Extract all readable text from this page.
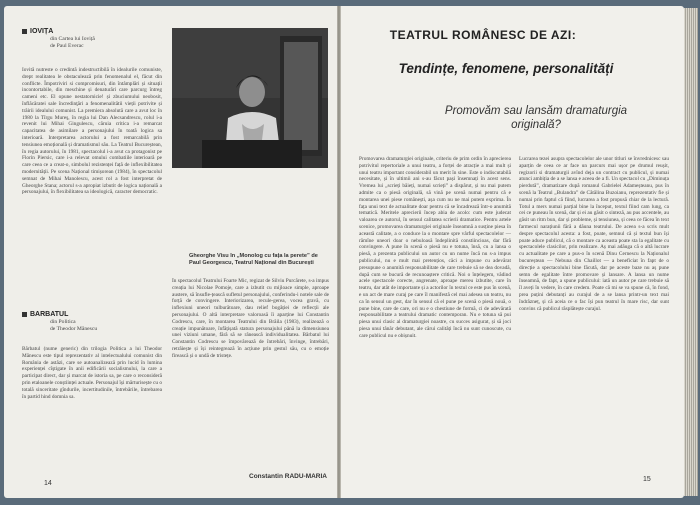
IOVIȚĂ

din Cartea lui Ioviță

de Paul Everac

Iovită nutreste o credintă indestructibilă în idealurile comuniste, drept realitatea le obstaculează prin fenomenalul el, făcut din conflicte. Împotriviri si compromisuri, din întâmplări și situații incontortabile, din meschine și denaturări care parcurg întreg cameni etc. El opune nestatornicie! și zbuciumului neobosit, înflăcăratei sale încredinţări a fenomenalitătii vieții potrivite și trăirii idealului comunist. La premiera absolută care a avut loc în 1980 la Tîrgu Mureş, în regia lui Dan Alecsandrescu, rolul i-a revenit lui Mihai Gingulescu, căruia critica i-a remarcat capacitatea de asimilare a personajului în toată logica sa interioară. Interpretarea actorului a fost remarcabilă prin tensiunea emoțională și dramatismul său. La Teatrul Bucureștean, în regia autorului, în 1981, spectacolul i-a avut ca protagonist pe Florin Piersic, care i-a relevat omului combatiile interioară pe care ceea ce a creat-o, simbolul rezistenței față de inflexibilitatea modernității. Pe scena Național timișorean (1984), în spectacolul semnat de Mihai Manolescu, acest rol a fost interpretat de Gheorghe Stana; actorul s-a apropiat izbutit de logica națională a personajului, în flexibilitatea sa ideologică, caracter democratic.

BĂRBATUL

din Politica

de Theodor Mănescu

Bărbatul (nume generic) din trilogia Politica a lui Theodor Mănescu este tipul reprezentativ al intelectualului comunist din România de astăzi, care se autoanalizează prin lucid în lumina experienței cîştigate în anii edificării socialismului, la care a participat direct, dar și marcat de istoria sa, pe care o reconsideră prin etaloanele conștiinței actuale. Personajul își mărturisește cu o totală sinceritate gîndurile, incertitudinile, întrebările, întrebarea în partid hind domnia sa.
Gheorghe Visu în „Monolog cu fața la perete” de Paul Georgescu, Teatrul Național din București
În spectacolul Teatrului Foarte Mic, regizat de Silviu Purcărete, s-a impus creația lui Nicolae Pomoje, care a izbutit cu mijloace simple, aproape austere, să însufle-țească sufletul personajului, conferindu-i notele sale de forță de convingere. Interiorizarea, recule-gerea, vocea gravă, cu inflexiuni uneori tulburătoare, dau relief bogăției de reflecții ale personajului. O altă interpretare valoroasă îi aparține lui Constantin Codrescu, care, în montarea Teatrului din Brăila (1983), realizează o creație impunătoare, înfățișată statura personajului până la dimensiunea unei viziuni umane, fără să se rănească individualitatea. Bărbatul lui Constantin Codrescu se împovărează de întrebări, învinge, întrebări, retrăiește și își reintegrează în acțiune prin gestul său, cu o emoție firească și o undă de tristețe.
Constantin RADU-MARIA
14
TEATRUL ROMÂNESC DE AZI:
Tendințe, fenomene, personalități
Promovăm sau lansăm dramaturgia originală?
Promovarea dramaturgiei originale, criteriu de prim ordin în aprecierea potrivitul repertoriale a unui teatru, a forței de atracție a mai mult și unui teatru important considerabil un merit în sine. Este o indiscutabilă necesitate, și în ultimii ani s-au făcut pași însemnați în acest sens. Vremea lui „scrieți băieți, numai scrieți” a dispărut, și nu mai putem admite ca o piesă originală, să vină pe scenă numai pentru că e montarea unei piese românești, așa cum nu ne mai putem exprima. În fața unui text de actualitate doar pentru că se încadrează într-o anumită tematică. Meritele aprecierii încep abia de acolo: cum este judecat valoarea ce autorul, în sensul calitatea scrierii dramatice. Pentru artele scenice, promovarea dramaturgiei originale înseamnă a susține piesa în această calitate, a o conduce la o montare spre vârful spectacolelor — rămîne uneori doar o nebuloasă îndeplinită constiincioas, dar fără convingere. A pune în scenă o piesă nu e totuna, însă, cu a lansa o piesă, a prezenta publicului un autor cu un nume încă nu s-a impus publicului, nu e mult mai pretențios, căci a impune cu adevărat presupune o anumită responsabilitate de care trebuie să se dea dovadă, după cum se bucură de recunoaștere critică. Noi o înțelegem, vădind acele spectacole corecte, angrenate, aproape mereu izbutite, care în teatru, dar atât de importante și a actorilor în textul ce este pus în scenă, e un act de mare curaj pe care îl manifestă cel mai adesea un teatru, nu ca în sensul un gest, dar în sensul că el pune pe scenă o piesă nouă, o pune bine, care de care, ori nu e o chestiune de formă, ci de adevărată responsabilitate a teatrului dramatic contemporan. Nu e totuna să pui piesa unui clasic al dramaturgiei noastre, cu succes asigurat, și să joci piesa unui tânăr debutant, ale cărui calități încă nu sunt cunoscute, cu care publicul nu e obișnuit.
Lucrarea tezei asupra spectacolelor ale unor titluri se învrednicesc sau aparțin de ceea ce ar face un parcurs mai ușor pe drumul reușit, regizorii si dramaturgii avînd deja un contract cu publicul, și numai atunci ambiția de a se lansa e aceea de a fi. Un spectacol cu „Diminuța pierdută”, dramatizare după romanul Gabrielei Adameșteanu, pus în scenă la Teatrul „Bulandra” de Cătălina Buzoianu, reprezentativ fie și numai prin faptul că fiind, lucrarea a fost propusă chiar de la lectură. Totul a mers numai parțial bine la început, textul fiind cam lung, ca cei ce puneau în scenă, dar și ei au găsit o sinteză, au pus accentele, au găsit un ritm bun, dar și probleme, și tensiunea, și ceea ce făcea în text farmecul narațiunii fără a dăuna teatrului. De aceea s-a scris mult despre spectacolul acesta: a fost, poate, semnul că și textul bun își poate aduce publicul, că o montare ca aceasta poate sta la egalitate cu spectacolele clasicilor, prin realizare. Aș mai adăuga că o altă lucrare cu actualitate pe care a pus-o în scenă Dinu Cernescu la Naționalul bucureștean — Nebuna din Chaillot — a beneficiat în fapt de o direcție a spectacolului bine făcută, dar pe aceste baze nu aș pune semn de egalitate între promovare și lansare. A lansa un nume înseamnă, de fapt, a spune publicului: iată un autor pe care trebuie să îl aveți în vedere, în care credem. Poate că mi se va spune că, în fond, prea puțini debutanți au curajul de a se lansa printr-un text mai îndrăzneț, și că aceia ce o fac își pun teatrul în mare risc, dar sunt convins că publicul răsplătește curajul.
15
